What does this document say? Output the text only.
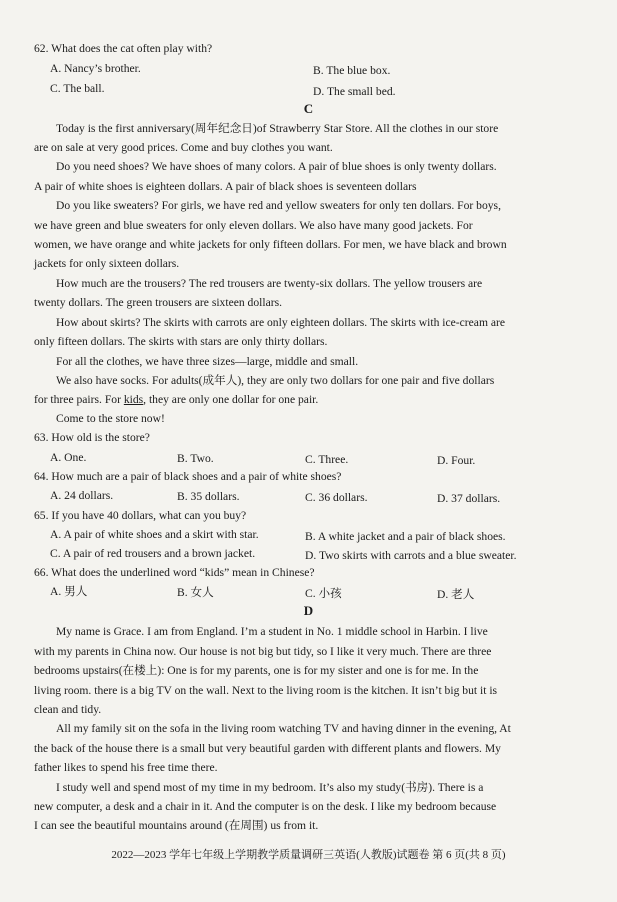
62. What does the cat often play with?
A. Nancy’s brother.	B. The blue box.
C. The ball.	D. The small bed.
C
Today is the first anniversary(周年纪念日)of Strawberry Star Store. All the clothes in our store
are on sale at very good prices. Come and buy clothes you want.
Do you need shoes? We have shoes of many colors. A pair of blue shoes is only twenty dollars.
A pair of white shoes is eighteen dollars. A pair of black shoes is seventeen dollars
Do you like sweaters? For girls, we have red and yellow sweaters for only ten dollars. For boys,
we have green and blue sweaters for only eleven dollars. We also have many good jackets. For
women, we have orange and white jackets for only fifteen dollars. For men, we have black and brown
jackets for only sixteen dollars.
How much are the trousers? The red trousers are twenty-six dollars. The yellow trousers are
twenty dollars. The green trousers are sixteen dollars.
How about skirts? The skirts with carrots are only eighteen dollars. The skirts with ice-cream are
only fifteen dollars. The skirts with stars are only thirty dollars.
For all the clothes, we have three sizes—large, middle and small.
We also have socks. For adults(成年人), they are only two dollars for one pair and five dollars
for three pairs. For kids, they are only one dollar for one pair.
Come to the store now!
63. How old is the store?
A. One.	B. Two.	C. Three.	D. Four.
64. How much are a pair of black shoes and a pair of white shoes?
A. 24 dollars.	B. 35 dollars.	C. 36 dollars.	D. 37 dollars.
65. If you have 40 dollars, what can you buy?
A. A pair of white shoes and a skirt with star.	B. A white jacket and a pair of black shoes.
C. A pair of red trousers and a brown jacket.	D. Two skirts with carrots and a blue sweater.
66. What does the underlined word “kids” mean in Chinese?
A. 男人	B. 女人	C. 小孩	D. 老人
D
My name is Grace. I am from England. I’m a student in No. 1 middle school in Harbin. I live
with my parents in China now. Our house is not big but tidy, so I like it very much. There are three
bedrooms upstairs(在楼上): One is for my parents, one is for my sister and one is for me. In the
living room. there is a big TV on the wall. Next to the living room is the kitchen. It isn’t big but it is
clean and tidy.
All my family sit on the sofa in the living room watching TV and having dinner in the evening, At
the back of the house there is a small but very beautiful garden with different plants and flowers. My
father likes to spend his free time there.
I study well and spend most of my time in my bedroom. It’s also my study(书房). There is a
new computer, a desk and a chair in it. And the computer is on the desk. I like my bedroom because
I can see the beautiful mountains around (在周围) us from it.
2022—2023 学年七年级上学期教学质量调研三英语(人教版)试题卷 第 6 页(共 8 页)
